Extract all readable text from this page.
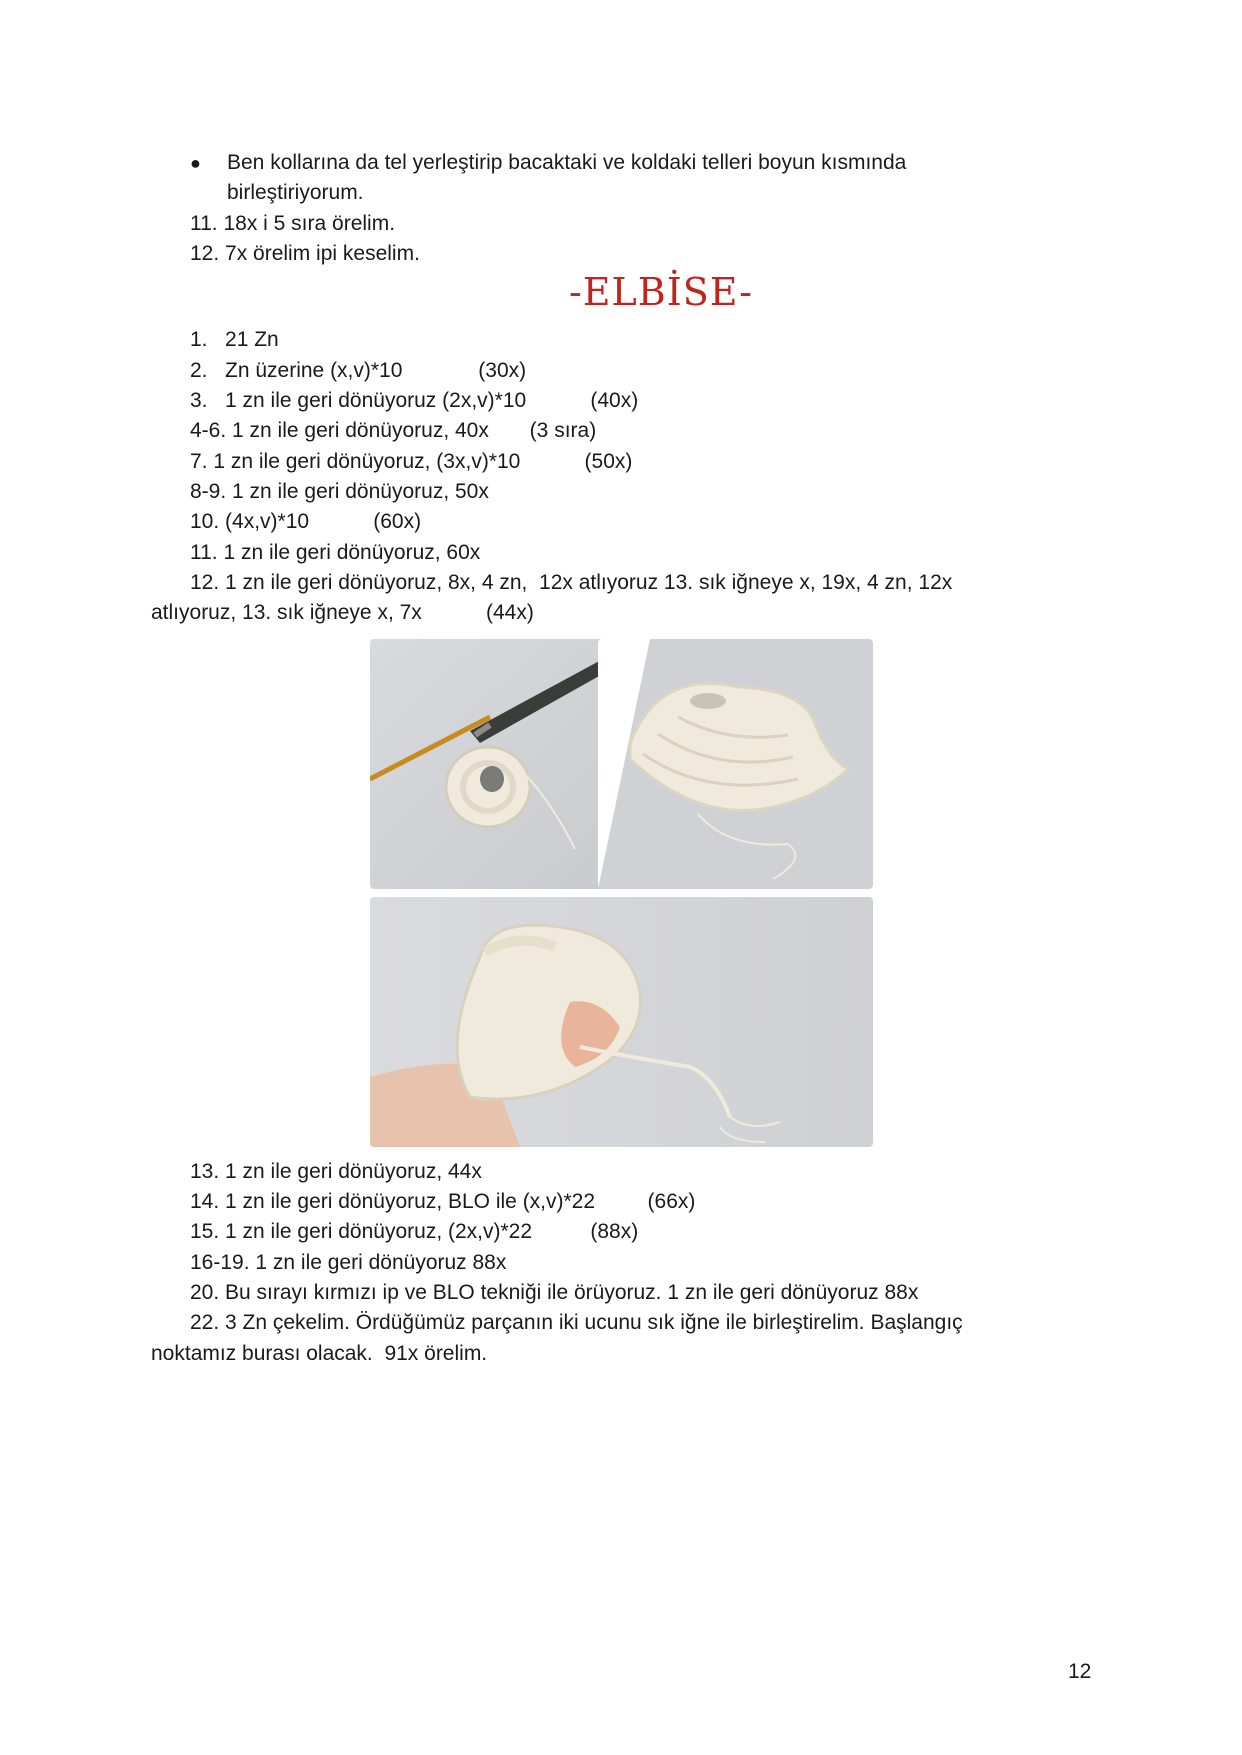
● Ben kollarına da tel yerleştirip bacaktaki ve koldaki telleri boyun kısmında
birleştiriyorum.
11. 18x i 5 sıra örelim.
12. 7x örelim ipi keselim.
-ELBİSE-
1.   21 Zn
2.   Zn üzerine (x,v)*10             (30x)
3.   1 zn ile geri dönüyoruz (2x,v)*10           (40x)
4-6. 1 zn ile geri dönüyoruz, 40x       (3 sıra)
7. 1 zn ile geri dönüyoruz, (3x,v)*10           (50x)
8-9. 1 zn ile geri dönüyoruz, 50x
10. (4x,v)*10           (60x)
11. 1 zn ile geri dönüyoruz, 60x
12. 1 zn ile geri dönüyoruz, 8x, 4 zn,  12x atlıyoruz 13. sık iğneye x, 19x, 4 zn, 12x
atlıyoruz, 13. sık iğneye x, 7x           (44x)
13. 1 zn ile geri dönüyoruz, 44x
14. 1 zn ile geri dönüyoruz, BLO ile (x,v)*22         (66x)
15. 1 zn ile geri dönüyoruz, (2x,v)*22          (88x)
16-19. 1 zn ile geri dönüyoruz 88x
20. Bu sırayı kırmızı ip ve BLO tekniği ile örüyoruz. 1 zn ile geri dönüyoruz 88x
22. 3 Zn çekelim. Ördüğümüz parçanın iki ucunu sık iğne ile birleştirelim. Başlangıç
noktamız burası olacak.  91x örelim.
12
